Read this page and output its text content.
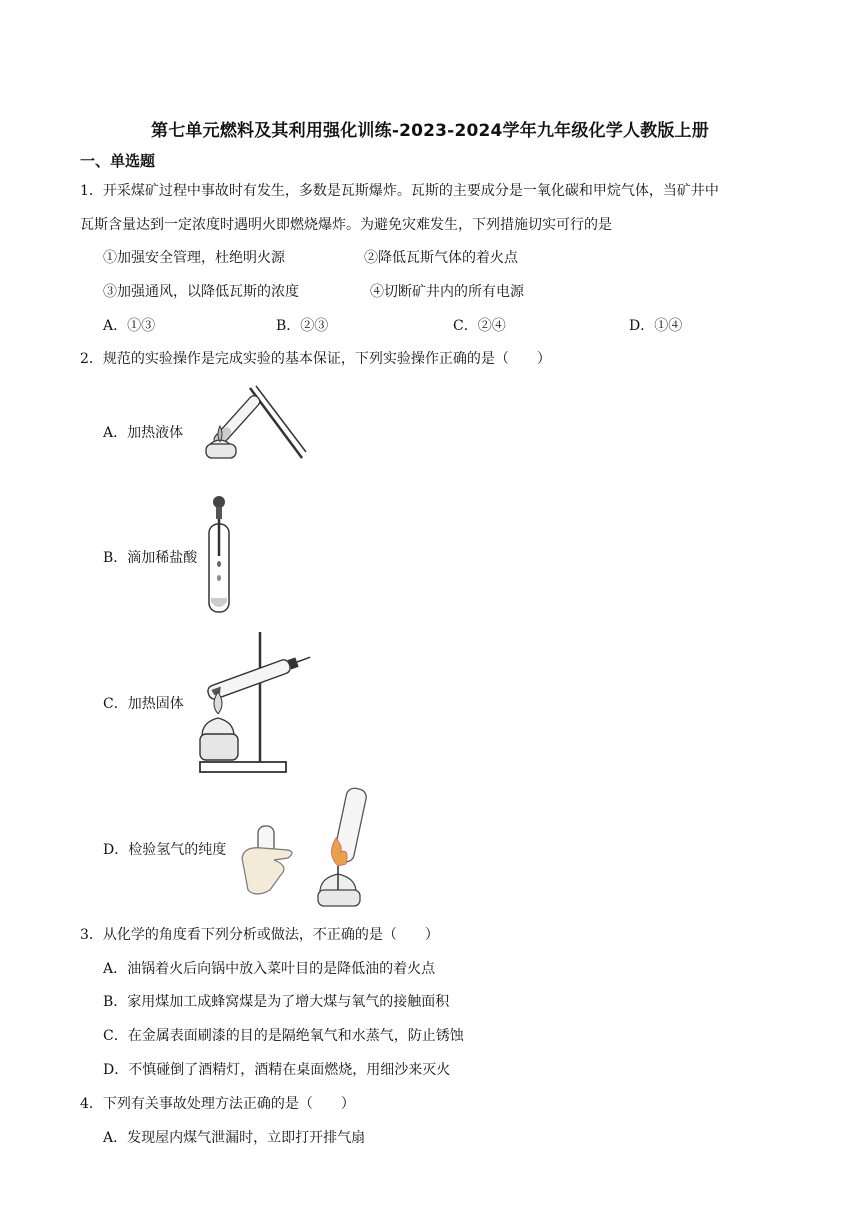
第七单元燃料及其利用强化训练-2023-2024学年九年级化学人教版上册
一、单选题
1．开采煤矿过程中事故时有发生，多数是瓦斯爆炸。瓦斯的主要成分是一氧化碳和甲烷气体，当矿井中
瓦斯含量达到一定浓度时遇明火即燃烧爆炸。为避免灾难发生，下列措施切实可行的是
①加强安全管理，杜绝明火源	②降低瓦斯气体的着火点
③加强通风，以降低瓦斯的浓度	④切断矿井内的所有电源
A．①③	B．②③	C．②④	D．①④
2．规范的实验操作是完成实验的基本保证，下列实验操作正确的是（　　）
A．加热液体
B．滴加稀盐酸
C．加热固体
D．检验氢气的纯度
3．从化学的角度看下列分析或做法，不正确的是（　　）
A．油锅着火后向锅中放入菜叶目的是降低油的着火点
B．家用煤加工成蜂窝煤是为了增大煤与氧气的接触面积
C．在金属表面刷漆的目的是隔绝氧气和水蒸气，防止锈蚀
D．不慎碰倒了酒精灯，酒精在桌面燃烧，用细沙来灭火
4．下列有关事故处理方法正确的是（　　）
A．发现屋内煤气泄漏时，立即打开排气扇
